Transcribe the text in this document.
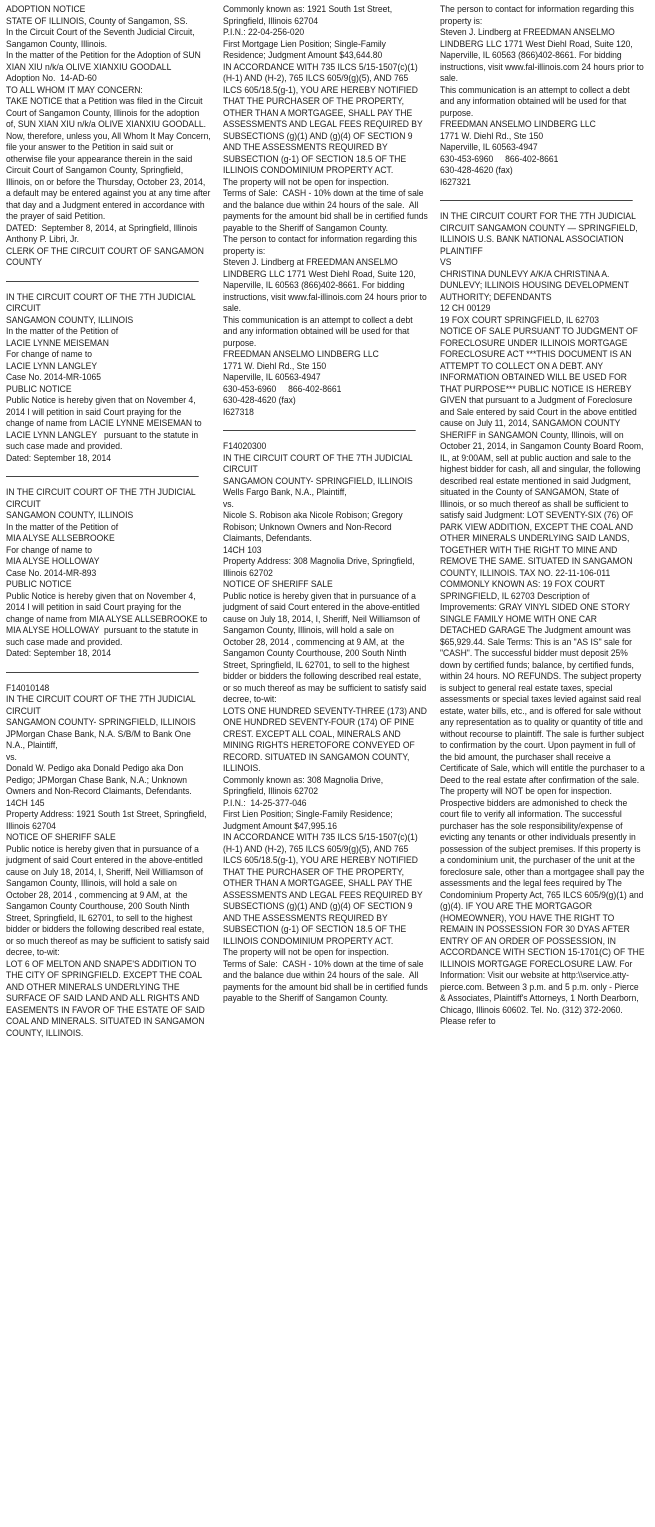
ADOPTION NOTICE
STATE OF ILLINOIS, County of Sangamon, SS.
In the Circuit Court of the Seventh Judicial Circuit,
Sangamon County, Illinois.
In the matter of the Petition for the Adoption of SUN XIAN XIU n/k/a OLIVE XIANXIU GOODALL
Adoption No.  14-AD-60
TO ALL WHOM IT MAY CONCERN:
TAKE NOTICE that a Petition was filed in the Circuit Court of Sangamon County, Illinois for the adoption of, SUN XIAN XIU n/k/a OLIVE XIANXIU GOODALL.  Now, therefore, unless you, All Whom It May Concern, file your answer to the Petition in said suit or otherwise file your appearance therein in the said Circuit Court of Sangamon County, Springfield, Illinois, on or before the Thursday, October 23, 2014, a default may be entered against you at any time after that day and a Judgment entered in accordance with the prayer of said Petition.
DATED:  September 8, 2014, at Springfield, Illinois
Anthony P. Libri, Jr.
CLERK OF THE CIRCUIT COURT OF SANGAMON COUNTY

IN THE CIRCUIT COURT OF THE 7TH JUDICIAL CIRCUIT
SANGAMON COUNTY, ILLINOIS
In the matter of the Petition of
LACIE LYNNE MEISEMAN
For change of name to
LACIE LYNN LANGLEY
Case No. 2014-MR-1065
PUBLIC NOTICE
Public Notice is hereby given that on November 4, 2014 I will petition in said Court praying for the change of name from LACIE LYNNE MEISEMAN to LACIE LYNN LANGLEY   pursuant to the statute in such case made and provided.
Dated: September 18, 2014

IN THE CIRCUIT COURT OF THE 7TH JUDICIAL CIRCUIT
SANGAMON COUNTY, ILLINOIS
In the matter of the Petition of
MIA ALYSE ALLSEBROOKE
For change of name to
MIA ALYSE HOLLOWAY
Case No. 2014-MR-893
PUBLIC NOTICE
Public Notice is hereby given that on November 4, 2014 I will petition in said Court praying for the change of name from MIA ALYSE ALLSEBROOKE to MIA ALYSE HOLLOWAY  pursuant to the statute in such case made and provided.
Dated: September 18, 2014

F14010148
IN THE CIRCUIT COURT OF THE 7TH JUDICIAL CIRCUIT
SANGAMON COUNTY- SPRINGFIELD, ILLINOIS
JPMorgan Chase Bank, N.A. S/B/M to Bank One N.A., Plaintiff,
vs.
Donald W. Pedigo aka Donald Pedigo aka Don Pedigo; JPMorgan Chase Bank, N.A.; Unknown Owners and Non-Record Claimants, Defendants.
14CH 145
Property Address: 1921 South 1st Street, Springfield, Illinois 62704
NOTICE OF SHERIFF SALE
Public notice is hereby given that in pursuance of a judgment of said Court entered in the above-entitled cause on July 18, 2014, I, Sheriff, Neil Williamson of Sangamon County, Illinois, will hold a sale on  October 28, 2014 , commencing at 9 AM, at  the Sangamon County Courthouse, 200 South Ninth Street, Springfield, IL 62701, to sell to the highest bidder or bidders the following described real estate, or so much thereof as may be sufficient to satisfy said decree, to-wit:
LOT 6 OF MELTON AND SNAPE'S ADDITION TO THE CITY OF SPRINGFIELD. EXCEPT THE COAL AND OTHER MINERALS UNDERLYING THE SURFACE OF SAID LAND AND ALL RIGHTS AND EASEMENTS IN FAVOR OF THE ESTATE OF SAID COAL AND MINERALS. SITUATED IN SANGAMON COUNTY, ILLINOIS.

Commonly known as: 1921 South 1st Street, Springfield, Illinois 62704
P.I.N.: 22-04-256-020
First Mortgage Lien Position; Single-Family Residence; Judgment Amount $43,644.80
IN ACCORDANCE WITH 735 ILCS 5/15-1507(c)(1)(H-1) AND (H-2), 765 ILCS 605/9(g)(5), AND 765 ILCS 605/18.5(g-1), YOU ARE HEREBY NOTIFIED THAT THE PURCHASER OF THE PROPERTY, OTHER THAN A MORTGAGEE, SHALL PAY THE ASSESSMENTS AND LEGAL FEES REQUIRED BY SUBSECTIONS (g)(1) AND (g)(4) OF SECTION 9 AND THE ASSESSMENTS REQUIRED BY SUBSECTION (g-1) OF SECTION 18.5 OF THE ILLINOIS CONDOMINIUM PROPERTY ACT.
The property will not be open for inspection.
Terms of Sale:  CASH - 10% down at the time of sale and the balance due within 24 hours of the sale.  All payments for the amount bid shall be in certified funds payable to the Sheriff of Sangamon County.
The person to contact for information regarding this property is:
Steven J. Lindberg at FREEDMAN ANSELMO LINDBERG LLC 1771 West Diehl Road, Suite 120, Naperville, IL 60563 (866)402-8661. For bidding instructions, visit www.fal-illinois.com 24 hours prior to sale.
This communication is an attempt to collect a debt and any information obtained will be used for that purpose.
FREEDMAN ANSELMO LINDBERG LLC
1771 W. Diehl Rd., Ste 150
Naperville, IL 60563-4947
630-453-6960     866-402-8661
630-428-4620 (fax)
I627318

F14020300
IN THE CIRCUIT COURT OF THE 7TH JUDICIAL CIRCUIT
SANGAMON COUNTY- SPRINGFIELD, ILLINOIS
Wells Fargo Bank, N.A., Plaintiff,
vs.
Nicole S. Robison aka Nicole Robison; Gregory Robison; Unknown Owners and Non-Record Claimants, Defendants.
14CH 103
Property Address: 308 Magnolia Drive, Springfield, Illinois 62702
NOTICE OF SHERIFF SALE
Public notice is hereby given that in pursuance of a judgment of said Court entered in the above-entitled cause on July 18, 2014, I, Sheriff, Neil Williamson of Sangamon County, Illinois, will hold a sale on  October 28, 2014 , commencing at 9 AM, at  the Sangamon County Courthouse, 200 South Ninth Street, Springfield, IL 62701, to sell to the highest bidder or bidders the following described real estate, or so much thereof as may be sufficient to satisfy said decree, to-wit:
LOTS ONE HUNDRED SEVENTY-THREE (173) AND ONE HUNDRED SEVENTY-FOUR (174) OF PINE CREST. EXCEPT ALL COAL, MINERALS AND MINING RIGHTS HERETOFORE CONVEYED OF RECORD. SITUATED IN SANGAMON COUNTY, ILLINOIS.
Commonly known as: 308 Magnolia Drive, Springfield, Illinois 62702
P.I.N.:  14-25-377-046
First Lien Position; Single-Family Residence; Judgment Amount $47,995.16
IN ACCORDANCE WITH 735 ILCS 5/15-1507(c)(1)(H-1) AND (H-2), 765 ILCS 605/9(g)(5), AND 765 ILCS 605/18.5(g-1), YOU ARE HEREBY NOTIFIED THAT THE PURCHASER OF THE PROPERTY, OTHER THAN A MORTGAGEE, SHALL PAY THE ASSESSMENTS AND LEGAL FEES REQUIRED BY SUBSECTIONS (g)(1) AND (g)(4) OF SECTION 9 AND THE ASSESSMENTS REQUIRED BY SUBSECTION (g-1) OF SECTION 18.5 OF THE ILLINOIS CONDOMINIUM PROPERTY ACT.
The property will not be open for inspection.
Terms of Sale:  CASH - 10% down at the time of sale and the balance due within 24 hours of the sale.  All payments for the amount bid shall be in certified funds payable to the Sheriff of Sangamon County.

The person to contact for information regarding this property is:
Steven J. Lindberg at FREEDMAN ANSELMO LINDBERG LLC 1771 West Diehl Road, Suite 120, Naperville, IL 60563 (866)402-8661. For bidding instructions, visit www.fal-illinois.com 24 hours prior to sale.
This communication is an attempt to collect a debt and any information obtained will be used for that purpose.
FREEDMAN ANSELMO LINDBERG LLC
1771 W. Diehl Rd., Ste 150
Naperville, IL 60563-4947
630-453-6960     866-402-8661
630-428-4620 (fax)
I627321

IN THE CIRCUIT COURT FOR THE 7TH JUDICIAL CIRCUIT SANGAMON COUNTY — SPRINGFIELD, ILLINOIS U.S. BANK NATIONAL ASSOCIATION
PLAINTIFF
VS
CHRISTINA DUNLEVY A/K/A CHRISTINA A. DUNLEVY; ILLINOIS HOUSING DEVELOPMENT AUTHORITY; DEFENDANTS
12 CH 00129
19 FOX COURT SPRINGFIELD, IL 62703
NOTICE OF SALE PURSUANT TO JUDGMENT OF FORECLOSURE UNDER ILLINOIS MORTGAGE FORECLOSURE ACT ***THIS DOCUMENT IS AN ATTEMPT TO COLLECT ON A DEBT. ANY INFORMATION OBTAINED WILL BE USED FOR THAT PURPOSE*** PUBLIC NOTICE IS HEREBY GIVEN that pursuant to a Judgment of Foreclosure and Sale entered by said Court in the above entitled cause on July 11, 2014, SANGAMON COUNTY SHERIFF in SANGAMON County, Illinois, will on October 21, 2014, in Sangamon County Board Room, IL, at 9:00AM, sell at public auction and sale to the highest bidder for cash, all and singular, the following described real estate mentioned in said Judgment, situated in the County of SANGAMON, State of Illinois, or so much thereof as shall be sufficient to satisfy said Judgment: LOT SEVENTY-SIX (76) OF PARK VIEW ADDITION, EXCEPT THE COAL AND OTHER MINERALS UNDERLYING SAID LANDS, TOGETHER WITH THE RIGHT TO MINE AND REMOVE THE SAME. SITUATED IN SANGAMON COUNTY, ILLINOIS. TAX NO. 22-11-106-011 COMMONLY KNOWN AS: 19 FOX COURT SPRINGFIELD, IL 62703 Description of Improvements: GRAY VINYL SIDED ONE STORY SINGLE FAMILY HOME WITH ONE CAR DETACHED GARAGE The Judgment amount was $65,929.44. Sale Terms: This is an "AS IS" sale for "CASH". The successful bidder must deposit 25% down by certified funds; balance, by certified funds, within 24 hours. NO REFUNDS. The subject property is subject to general real estate taxes, special assessments or special taxes levied against said real estate, water bills, etc., and is offered for sale without any representation as to quality or quantity of title and without recourse to plaintiff. The sale is further subject to confirmation by the court. Upon payment in full of the bid amount, the purchaser shall receive a Certificate of Sale, which will entitle the purchaser to a Deed to the real estate after confirmation of the sale. The property will NOT be open for inspection. Prospective bidders are admonished to check the court file to verify all information. The successful purchaser has the sole responsibility/expense of evicting any tenants or other individuals presently in possession of the subject premises. If this property is a condominium unit, the purchaser of the unit at the foreclosure sale, other than a mortgagee shall pay the assessments and the legal fees required by The Condominium Property Act, 765 ILCS 605/9(g)(1) and (g)(4). IF YOU ARE THE MORTGAGOR (HOMEOWNER), YOU HAVE THE RIGHT TO REMAIN IN POSSESSION FOR 30 DYAS AFTER ENTRY OF AN ORDER OF POSSESSION, IN ACCORDANCE WITH SECTION 15-1701(C) OF THE ILLINOIS MORTGAGE FORECLOSURE LAW. For Information: Visit our website at http:\\service.atty-pierce.com. Between 3 p.m. and 5 p.m. only - Pierce & Associates, Plaintiff's Attorneys, 1 North Dearborn, Chicago, Illinois 60602. Tel. No. (312) 372-2060. Please refer to
